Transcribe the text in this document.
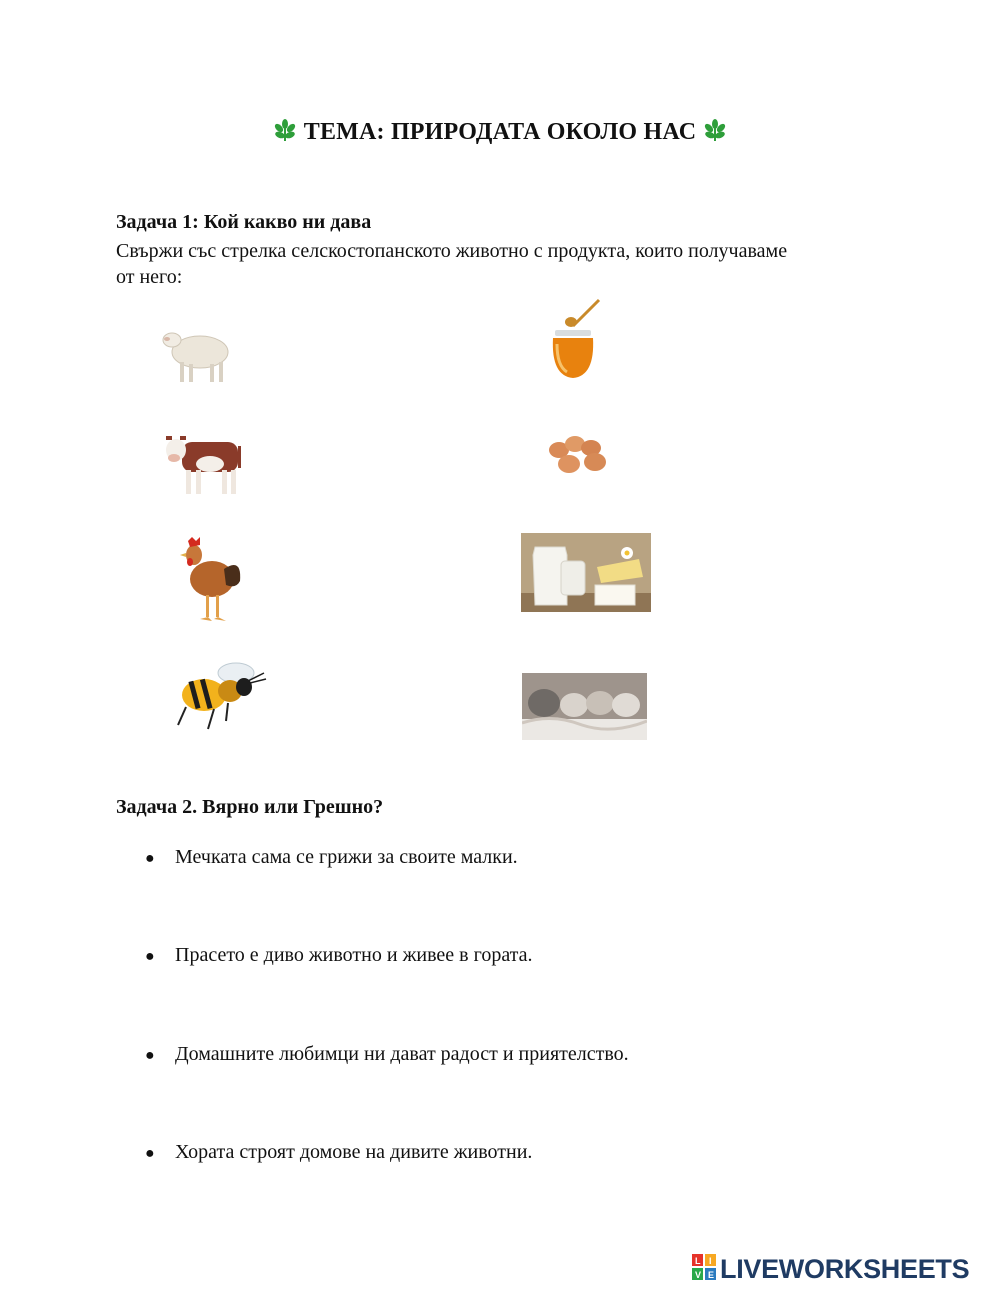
ТЕМА: ПРИРОДАТА ОКОЛО НАС
Задача 1: Кой какво ни дава
Свържи със стрелка селскостопанското животно с продукта, които получаваме от него:
Задача 2. Вярно или Грешно?
● Мечката сама се грижи за своите малки.
● Прасето е диво животно и живее в гората.
● Домашните любимци ни дават радост и приятелство.
● Хората строят домове на дивите животни.
L I
V E LIVEWORKSHEETS
